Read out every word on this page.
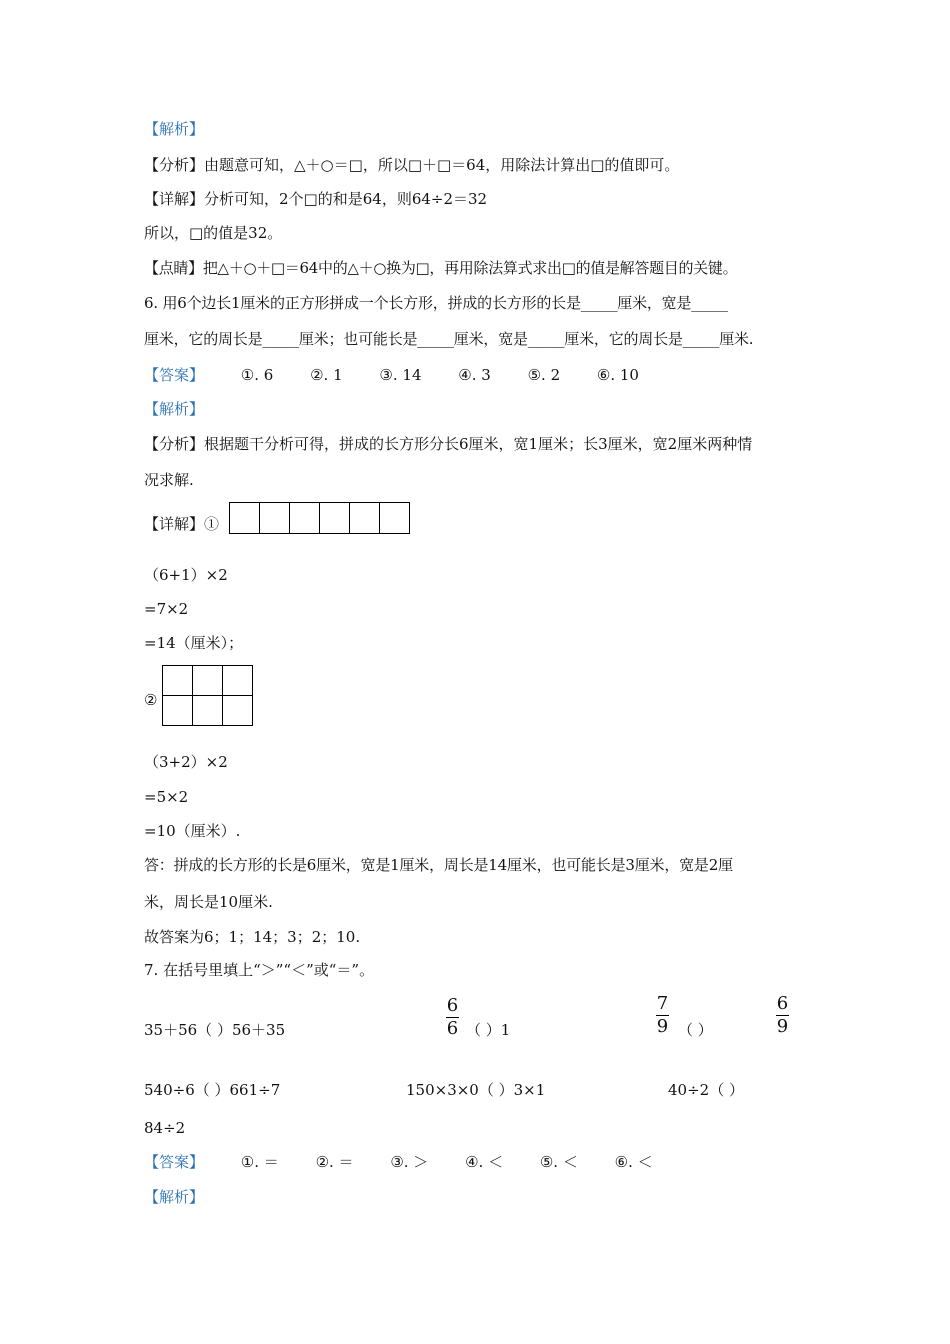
【解析】
【分析】由题意可知，△＋○＝□，所以□＋□＝64，用除法计算出□的值即可。
【详解】分析可知，2个□的和是64，则64÷2＝32
所以，□的值是32。
【点睛】把△＋○＋□＝64中的△＋○换为□，再用除法算式求出□的值是解答题目的关键。
6. 用6个边长1厘米的正方形拼成一个长方形，拼成的长方形的长是_____厘米，宽是_____
厘米，它的周长是_____厘米；也可能长是_____厘米，宽是_____厘米，它的周长是_____厘米.
【答案】 ①. 6 ②. 1 ③. 14 ④. 3 ⑤. 2 ⑥. 10
【解析】
【分析】根据题干分析可得，拼成的长方形分长6厘米，宽1厘米；长3厘米，宽2厘米两种情
况求解.
【详解】①

（6+1）×2
=7×2
=14（厘米）；
②

（3+2）×2
=5×2
=10（厘米）.
答：拼成的长方形的长是6厘米，宽是1厘米，周长是14厘米，也可能长是3厘米，宽是2厘
米，周长是10厘米.
故答案为6；1；14；3；2；10.
7. 在括号里填上“＞”“＜”或“＝”。
35＋56（ ）56＋35
6
6 （ ）1
7
9 （ ）
6
9
540÷6（ ）661÷7	150×3×0（ ）3×1	40÷2（ ）
84÷2
【答案】 ①. ＝ ②. ＝ ③. ＞ ④. ＜ ⑤. ＜ ⑥. ＜
【解析】
